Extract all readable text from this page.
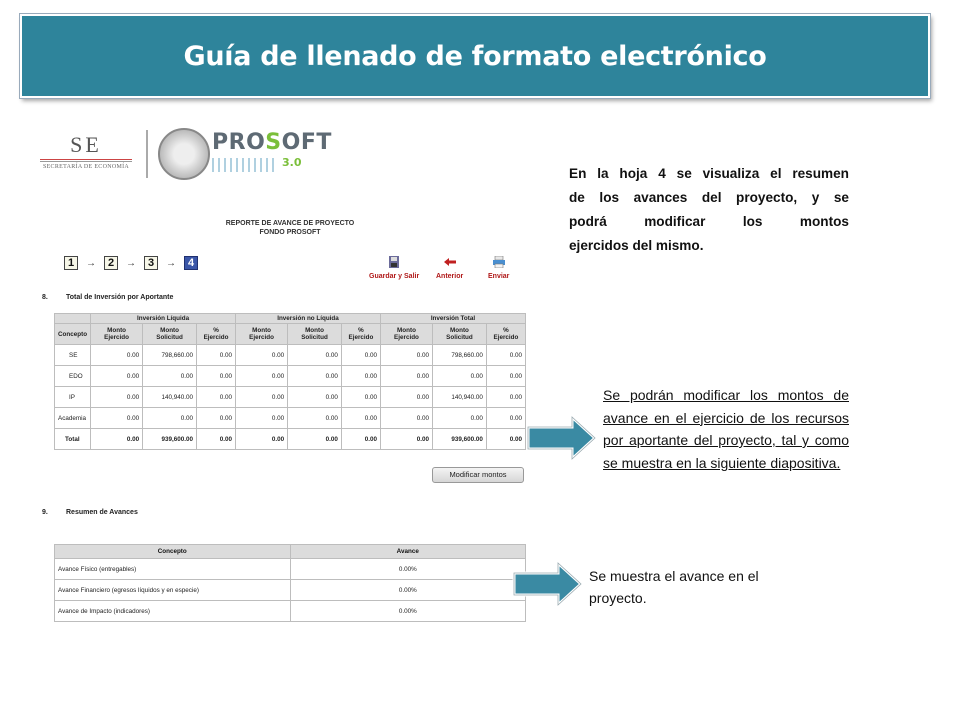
Guía de llenado de formato electrónico
SE
SECRETARÍA DE ECONOMÍA
PROSOFT
3.0
REPORTE DE AVANCE DE PROYECTO
FONDO PROSOFT
1	→	2	→	3	→	4
Guardar y Salir Anterior	Enviar
8.	Total de Inversión por Aportante
	Inversión Líquida			Inversión no Líquida			Inversión Total		
Concepto	Monto Ejercido	Monto Solicitud	% Ejercido	Monto Ejercido	Monto Solicitud	% Ejercido	Monto Ejercido	Monto Solicitud	% Ejercido
SE	0.00	798,660.00	0.00	0.00	0.00	0.00	0.00	798,660.00	0.00
EDO	0.00	0.00	0.00	0.00	0.00	0.00	0.00	0.00	0.00
IP	0.00	140,940.00	0.00	0.00	0.00	0.00	0.00	140,940.00	0.00
Academia	0.00	0.00	0.00	0.00	0.00	0.00	0.00	0.00	0.00
Total	0.00	939,600.00	0.00	0.00	0.00	0.00	0.00	939,600.00	0.00
Modificar montos
9.	Resumen de Avances
Concepto	Avance
Avance Físico (entregables)	0.00%
Avance Financiero (egresos líquidos y en especie)	0.00%
Avance de Impacto (indicadores)	0.00%
En la hoja 4 se visualiza el resumen
de los avances del proyecto, y se
podrá modificar los montos
ejercidos del mismo.
Se podrán modificar los montos de avance en el ejercicio de los recursos por aportante del proyecto, tal y como se muestra en la siguiente diapositiva.
Se muestra el avance en el proyecto.
